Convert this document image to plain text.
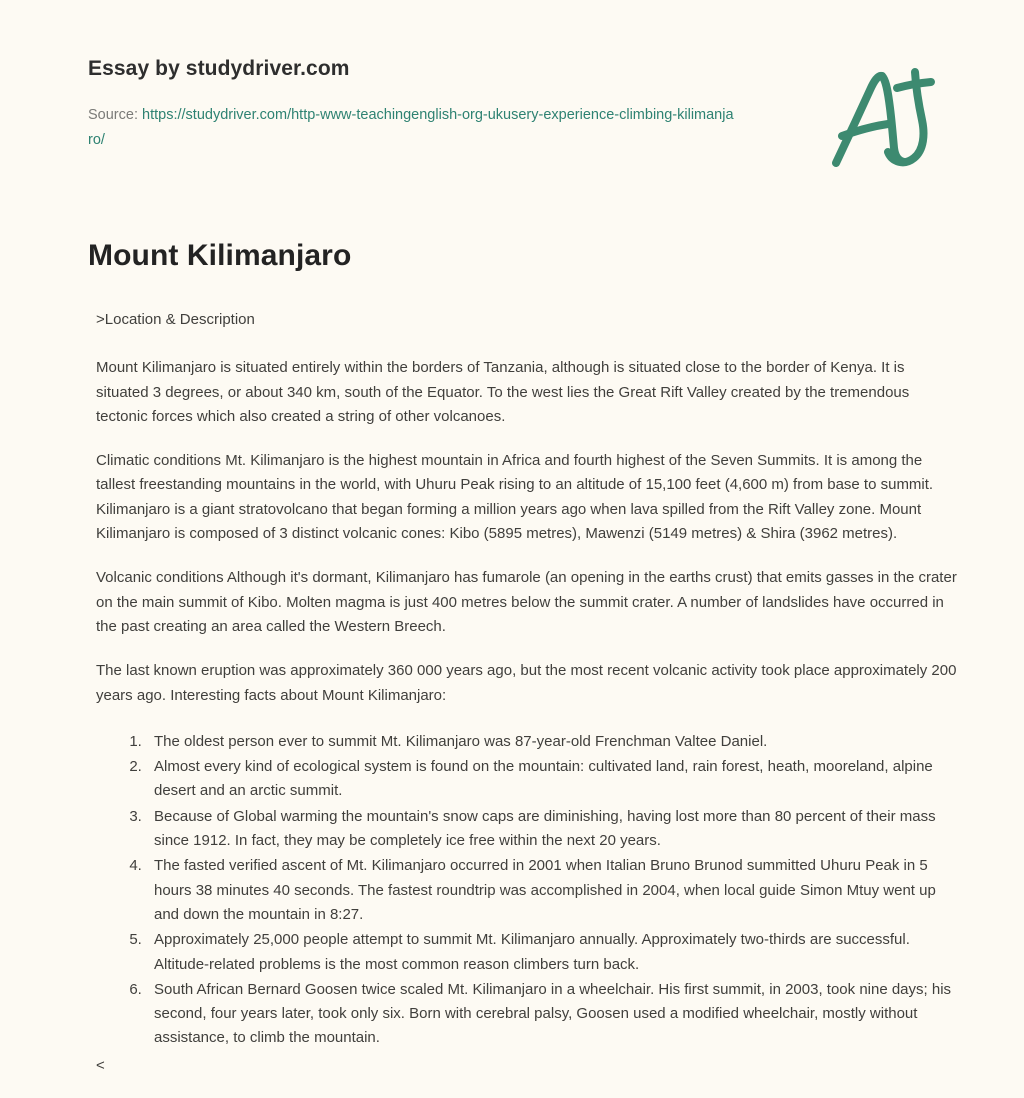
Essay by studydriver.com
Source: https://studydriver.com/http-www-teachingenglish-org-ukusery-experience-climbing-kilimanjaro/
Mount Kilimanjaro

>Location & Description

Mount Kilimanjaro is situated entirely within the borders of Tanzania, although is situated close to the border of Kenya. It is situated 3 degrees, or about 340 km, south of the Equator. To the west lies the Great Rift Valley created by the tremendous tectonic forces which also created a string of other volcanoes.

Climatic conditions Mt. Kilimanjaro is the highest mountain in Africa and fourth highest of the Seven Summits. It is among the tallest freestanding mountains in the world, with Uhuru Peak rising to an altitude of 15,100 feet (4,600 m) from base to summit. Kilimanjaro is a giant stratovolcano that began forming a million years ago when lava spilled from the Rift Valley zone. Mount Kilimanjaro is composed of 3 distinct volcanic cones: Kibo (5895 metres), Mawenzi (5149 metres) & Shira (3962 metres).

Volcanic conditions Although it's dormant, Kilimanjaro has fumarole (an opening in the earths crust) that emits gasses in the crater on the main summit of Kibo. Molten magma is just 400 metres below the summit crater. A number of landslides have occurred in the past creating an area called the Western Breech.

The last known eruption was approximately 360 000 years ago, but the most recent volcanic activity took place approximately 200 years ago. Interesting facts about Mount Kilimanjaro:

1. The oldest person ever to summit Mt. Kilimanjaro was 87-year-old Frenchman Valtee Daniel.
2. Almost every kind of ecological system is found on the mountain: cultivated land, rain forest, heath, mooreland, alpine desert and an arctic summit.
3. Because of Global warming the mountain's snow caps are diminishing, having lost more than 80 percent of their mass since 1912. In fact, they may be completely ice free within the next 20 years.
4. The fasted verified ascent of Mt. Kilimanjaro occurred in 2001 when Italian Bruno Brunod summitted Uhuru Peak in 5 hours 38 minutes 40 seconds. The fastest roundtrip was accomplished in 2004, when local guide Simon Mtuy went up and down the mountain in 8:27.
5. Approximately 25,000 people attempt to summit Mt. Kilimanjaro annually. Approximately two-thirds are successful. Altitude-related problems is the most common reason climbers turn back.
6. South African Bernard Goosen twice scaled Mt. Kilimanjaro in a wheelchair. His first summit, in 2003, took nine days; his second, four years later, took only six. Born with cerebral palsy, Goosen used a modified wheelchair, mostly without assistance, to climb the mountain.
<
